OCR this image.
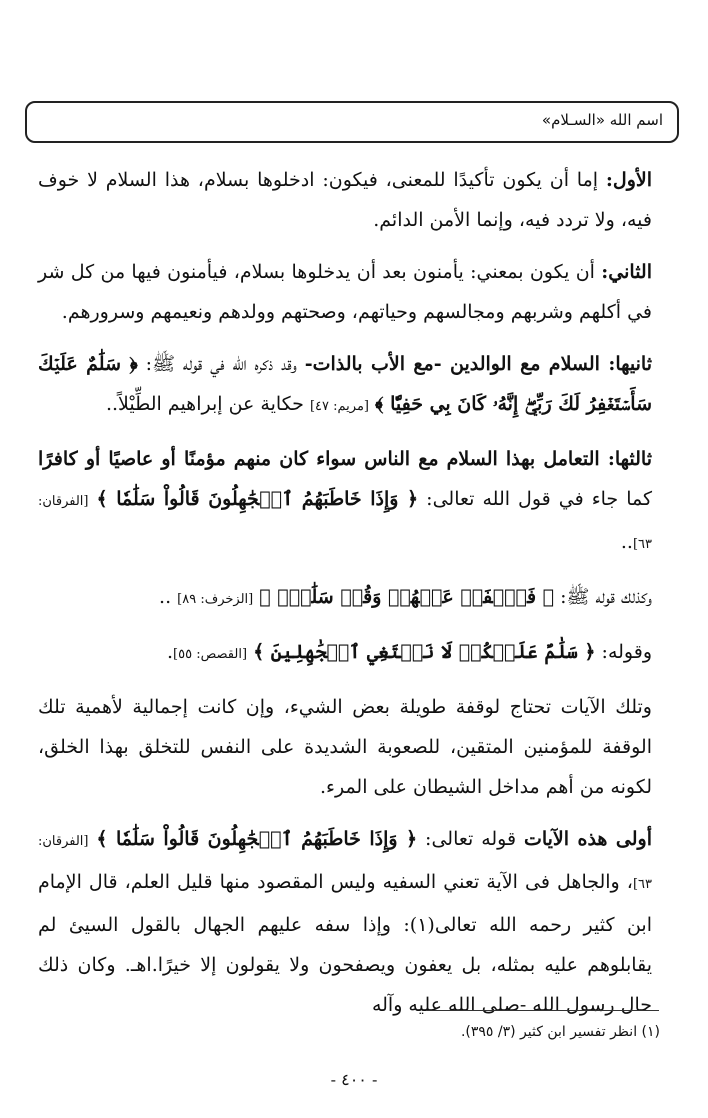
اسم الله «السـلام»

الأول: إما أن يكون تأكيدًا للمعنى، فيكون: ادخلوها بسلام، هذا السلام لا خوف فيه، ولا تردد فيه، وإنما الأمن الدائم.

الثاني: أن يكون بمعني: يأمنون بعد أن يدخلوها بسلام، فيأمنون فيها من كل شر في أكلهم وشربهم ومجالسهم وحياتهم، وصحتهم وولدهم ونعيمهم وسرورهم.

ثانيها: السلام مع الوالدين -مع الأب بالذات- وقد ذكره الله في قوله ﷺ: ﴿ سَلَٰمٌ عَلَيۡكَ سَأَسۡتَغۡفِرُ لَكَ رَبِّيٓۖ إِنَّهُۥ كَانَ بِي حَفِيّٗا ﴾ [مريم: ٤٧] حكاية عن إبراهيم الطِّيْلاً..

ثالثها: التعامل بهذا السلام مع الناس سواء كان منهم مؤمنًا أو عاصيًا أو كافرًا كما جاء في قول الله تعالى: ﴿ وَإِذَا خَاطَبَهُمُ ٱلۡجَٰهِلُونَ قَالُواْ سَلَٰمٗا ﴾ [الفرقان: ٦٣]..

وكذلك قوله ﷺ: ﴿ فَٱصۡفَحۡ عَنۡهُمۡ وَقُلۡ سَلَٰمٞۚ ﴾ [الزخرف: ٨٩] ..

وقوله: ﴿ سَلَٰمٌ عَلَيۡكُمۡ لَا نَبۡتَغِي ٱلۡجَٰهِلِينَ ﴾ [القصص: ٥٥].

وتلك الآيات تحتاج لوقفة طويلة بعض الشيء، وإن كانت إجمالية لأهمية تلك الوقفة للمؤمنين المتقين، للصعوبة الشديدة على النفس للتخلق بهذا الخلق، لكونه من أهم مداخل الشيطان على المرء.

أولى هذه الآيات قوله تعالى: ﴿ وَإِذَا خَاطَبَهُمُ ٱلۡجَٰهِلُونَ قَالُواْ سَلَٰمٗا ﴾ [الفرقان: ٦٣]، والجاهل فى الآية تعني السفيه وليس المقصود منها قليل العلم، قال الإمام ابن كثير رحمه الله تعالى(١): وإذا سفه عليهم الجهال بالقول السيئ لم يقابلوهم عليه بمثله، بل يعفون ويصفحون ولا يقولون إلا خيرًا.اهـ. وكان ذلك حال رسول الله -صلى الله عليه وآله

(١) انظر تفسير ابن كثير (٣/ ٣٩٥).
- ٤٠٠ -
